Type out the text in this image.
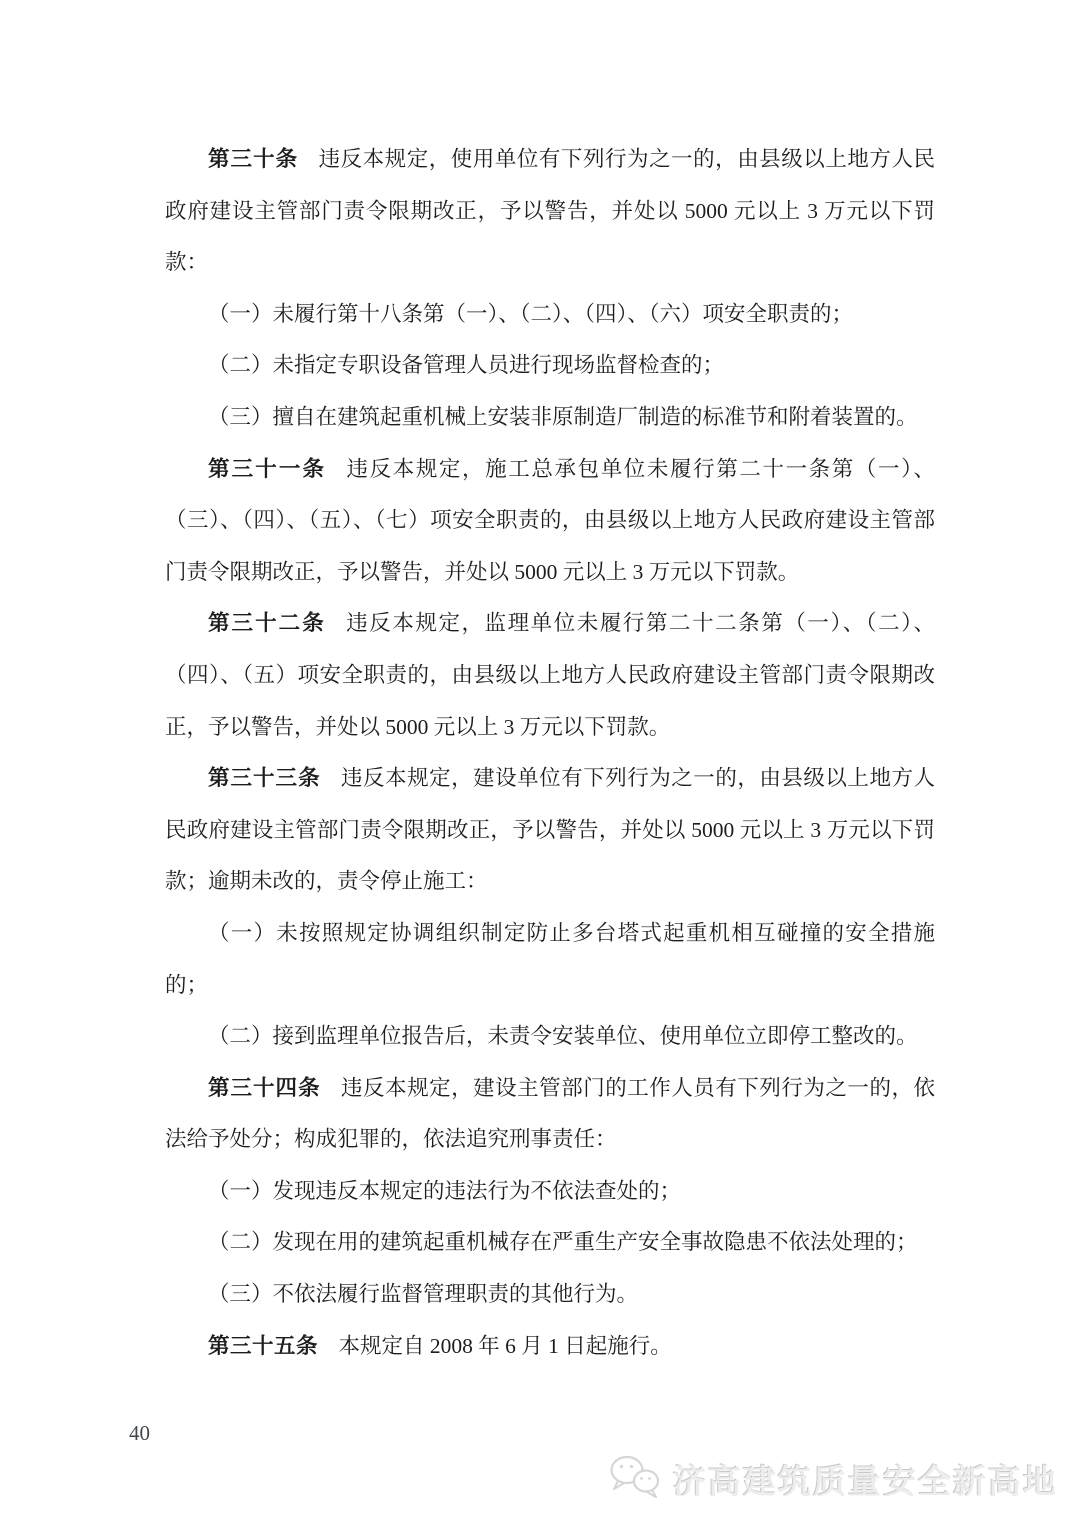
第三十条 违反本规定，使用单位有下列行为之一的，由县级以上地方人民政府建设主管部门责令限期改正，予以警告，并处以 5000 元以上 3 万元以下罚款：

（一）未履行第十八条第（一）、（二）、（四）、（六）项安全职责的；

（二）未指定专职设备管理人员进行现场监督检查的；

（三）擅自在建筑起重机械上安装非原制造厂制造的标准节和附着装置的。

第三十一条 违反本规定，施工总承包单位未履行第二十一条第（一）、（三）、（四）、（五）、（七）项安全职责的，由县级以上地方人民政府建设主管部门责令限期改正，予以警告，并处以 5000 元以上 3 万元以下罚款。

第三十二条 违反本规定，监理单位未履行第二十二条第（一）、（二）、（四）、（五）项安全职责的，由县级以上地方人民政府建设主管部门责令限期改正，予以警告，并处以 5000 元以上 3 万元以下罚款。

第三十三条 违反本规定，建设单位有下列行为之一的，由县级以上地方人民政府建设主管部门责令限期改正，予以警告，并处以 5000 元以上 3 万元以下罚款；逾期未改的，责令停止施工：

（一）未按照规定协调组织制定防止多台塔式起重机相互碰撞的安全措施的；

（二）接到监理单位报告后，未责令安装单位、使用单位立即停工整改的。

第三十四条 违反本规定，建设主管部门的工作人员有下列行为之一的，依法给予处分；构成犯罪的，依法追究刑事责任：

（一）发现违反本规定的违法行为不依法查处的；

（二）发现在用的建筑起重机械存在严重生产安全事故隐患不依法处理的；

（三）不依法履行监督管理职责的其他行为。

第三十五条 本规定自 2008 年 6 月 1 日起施行。

40
济高建筑质量安全新高地
